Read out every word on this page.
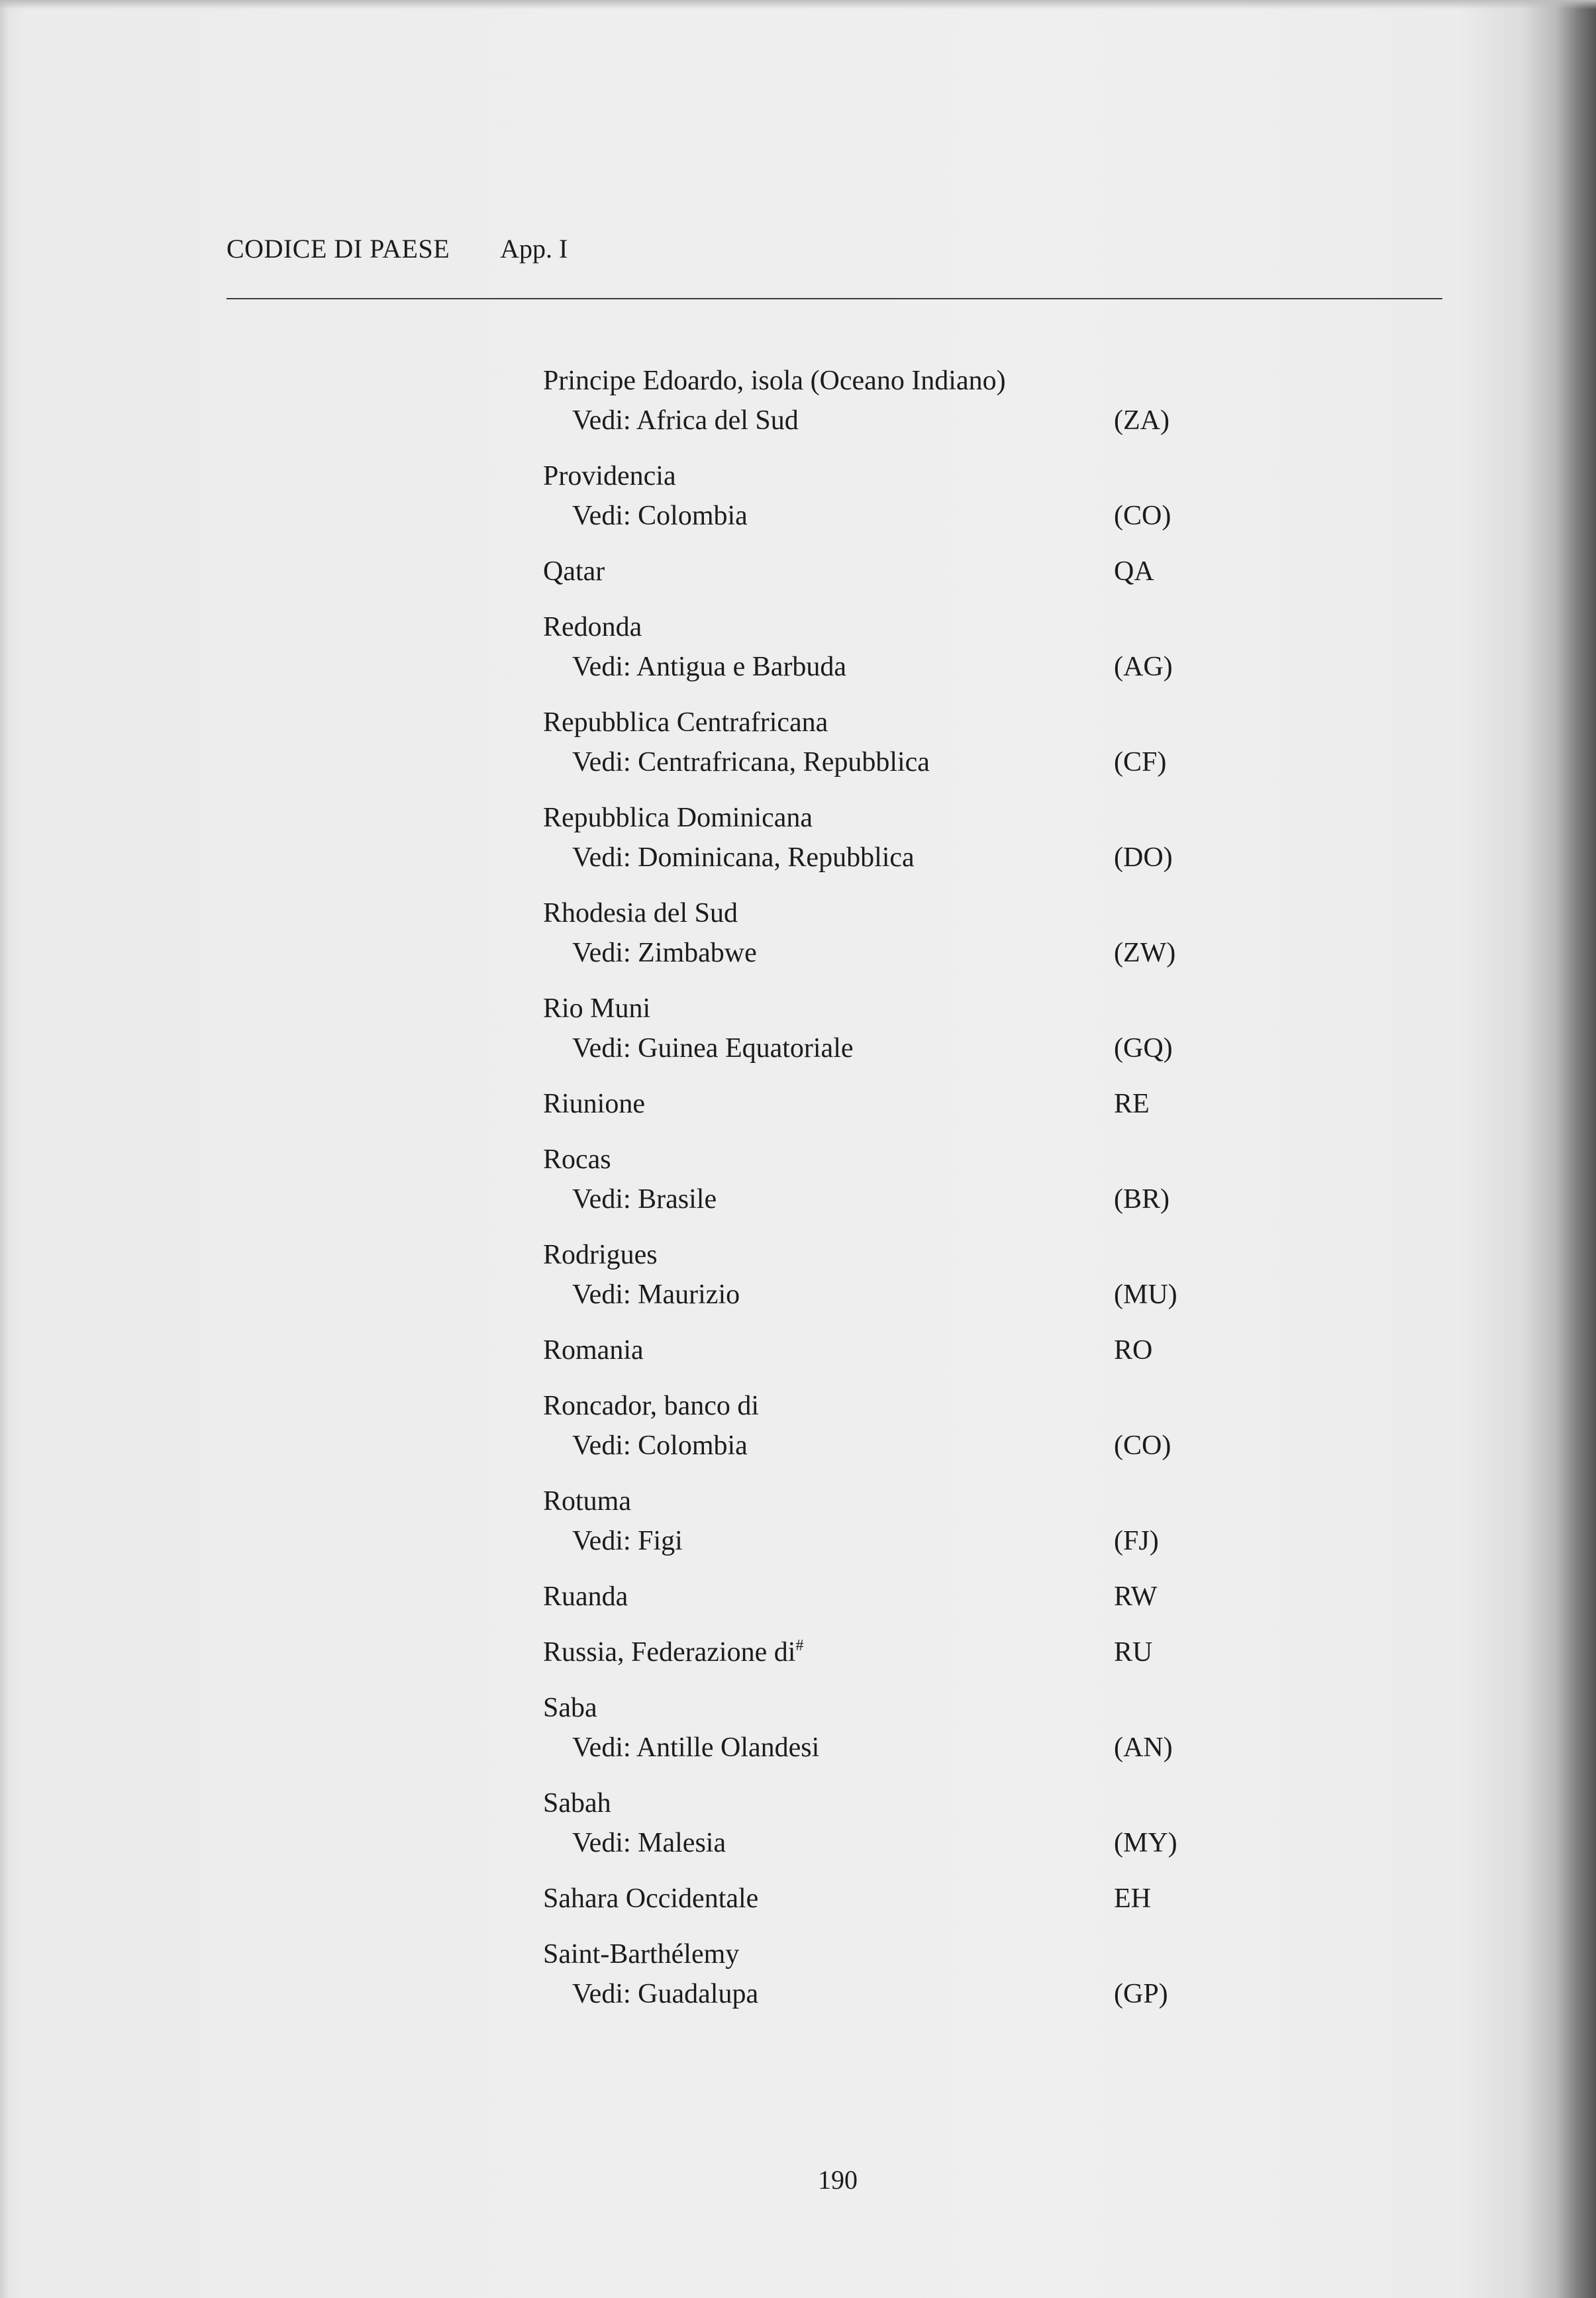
CODICE DI PAESE App. I
Principe Edoardo, isola (Oceano Indiano)
Vedi: Africa del Sud	(ZA)
Providencia
Vedi: Colombia	(CO)
Qatar	QA
Redonda
Vedi: Antigua e Barbuda	(AG)
Repubblica Centrafricana
Vedi: Centrafricana, Repubblica	(CF)
Repubblica Dominicana
Vedi: Dominicana, Repubblica	(DO)
Rhodesia del Sud
Vedi: Zimbabwe	(ZW)
Rio Muni
Vedi: Guinea Equatoriale	(GQ)
Riunione	RE
Rocas
Vedi: Brasile	(BR)
Rodrigues
Vedi: Maurizio	(MU)
Romania	RO
Roncador, banco di
Vedi: Colombia	(CO)
Rotuma
Vedi: Figi	(FJ)
Ruanda	RW
Russia, Federazione di#	RU
Saba
Vedi: Antille Olandesi	(AN)
Sabah
Vedi: Malesia	(MY)
Sahara Occidentale	EH
Saint-Barthélemy
Vedi: Guadalupa	(GP)
190
